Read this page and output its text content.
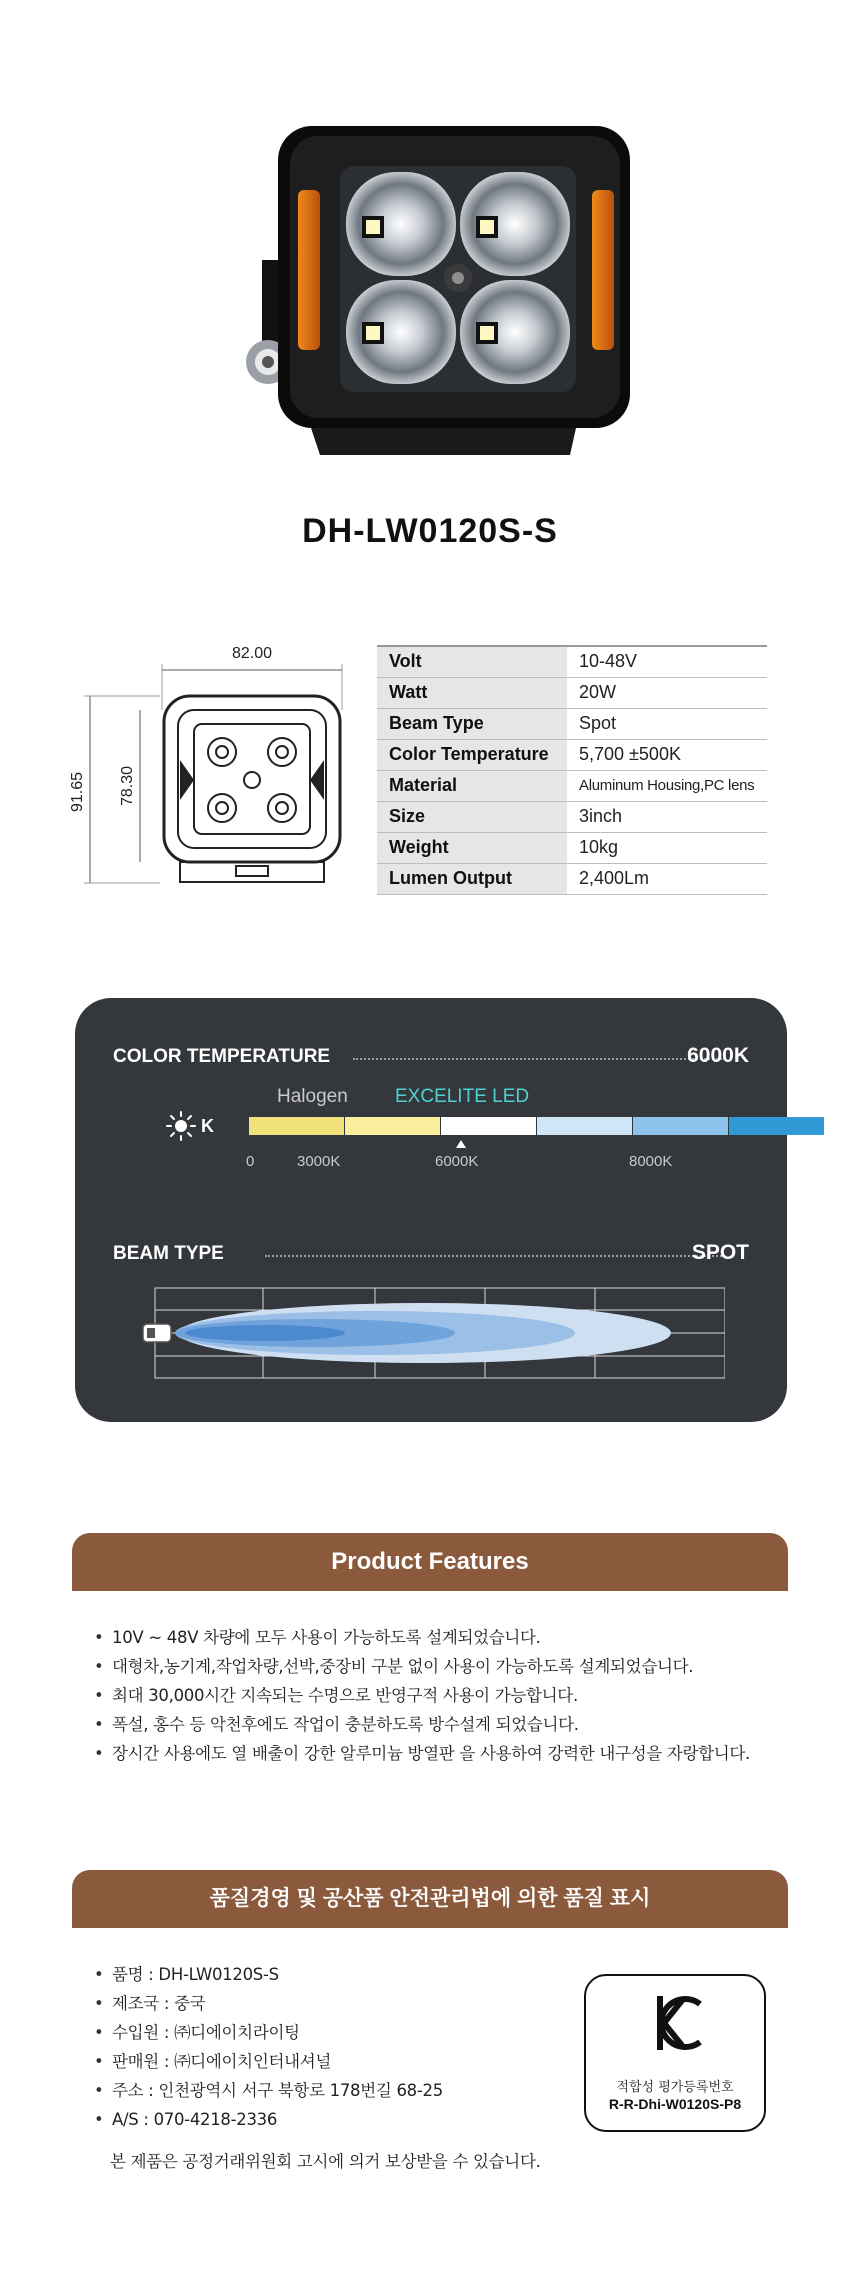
DH-LW0120S-S
82.00
91.65 78.30
Volt	10-48V
Watt	20W
Beam Type	Spot
Color Temperature	5,700 ±500K
Material	Aluminum Housing,PC lens
Size	3inch
Weight	10kg
Lumen Output	2,400Lm
COLOR TEMPERATURE	6000K
Halogen EXCELITE LED
K
0	3000K	6000K	8000K
BEAM TYPE	SPOT
Product Features
• 10V ~ 48V 차량에 모두 사용이 가능하도록 설계되었습니다.
• 대형차,농기계,작업차량,선박,중장비 구분 없이 사용이 가능하도록 설계되었습니다.
• 최대 30,000시간 지속되는 수명으로 반영구적 사용이 가능합니다.
• 폭설, 홍수 등 악천후에도 작업이 충분하도록 방수설계 되었습니다.
• 장시간 사용에도 열 배출이 강한 알루미늄 방열판 을 사용하여 강력한 내구성을 자랑합니다.
품질경영 및 공산품 안전관리법에 의한 품질 표시
• 품명 : DH-LW0120S-S
• 제조국 : 중국
• 수입원 : ㈜디에이치라이팅
• 판매원 : ㈜디에이치인터내셔널
• 주소 : 인천광역시 서구 북항로 178번길 68-25
• A/S : 070-4218-2336
적합성 평가등록번호
R-R-Dhi-W0120S-P8
본 제품은 공정거래위원회 고시에 의거 보상받을 수 있습니다.
